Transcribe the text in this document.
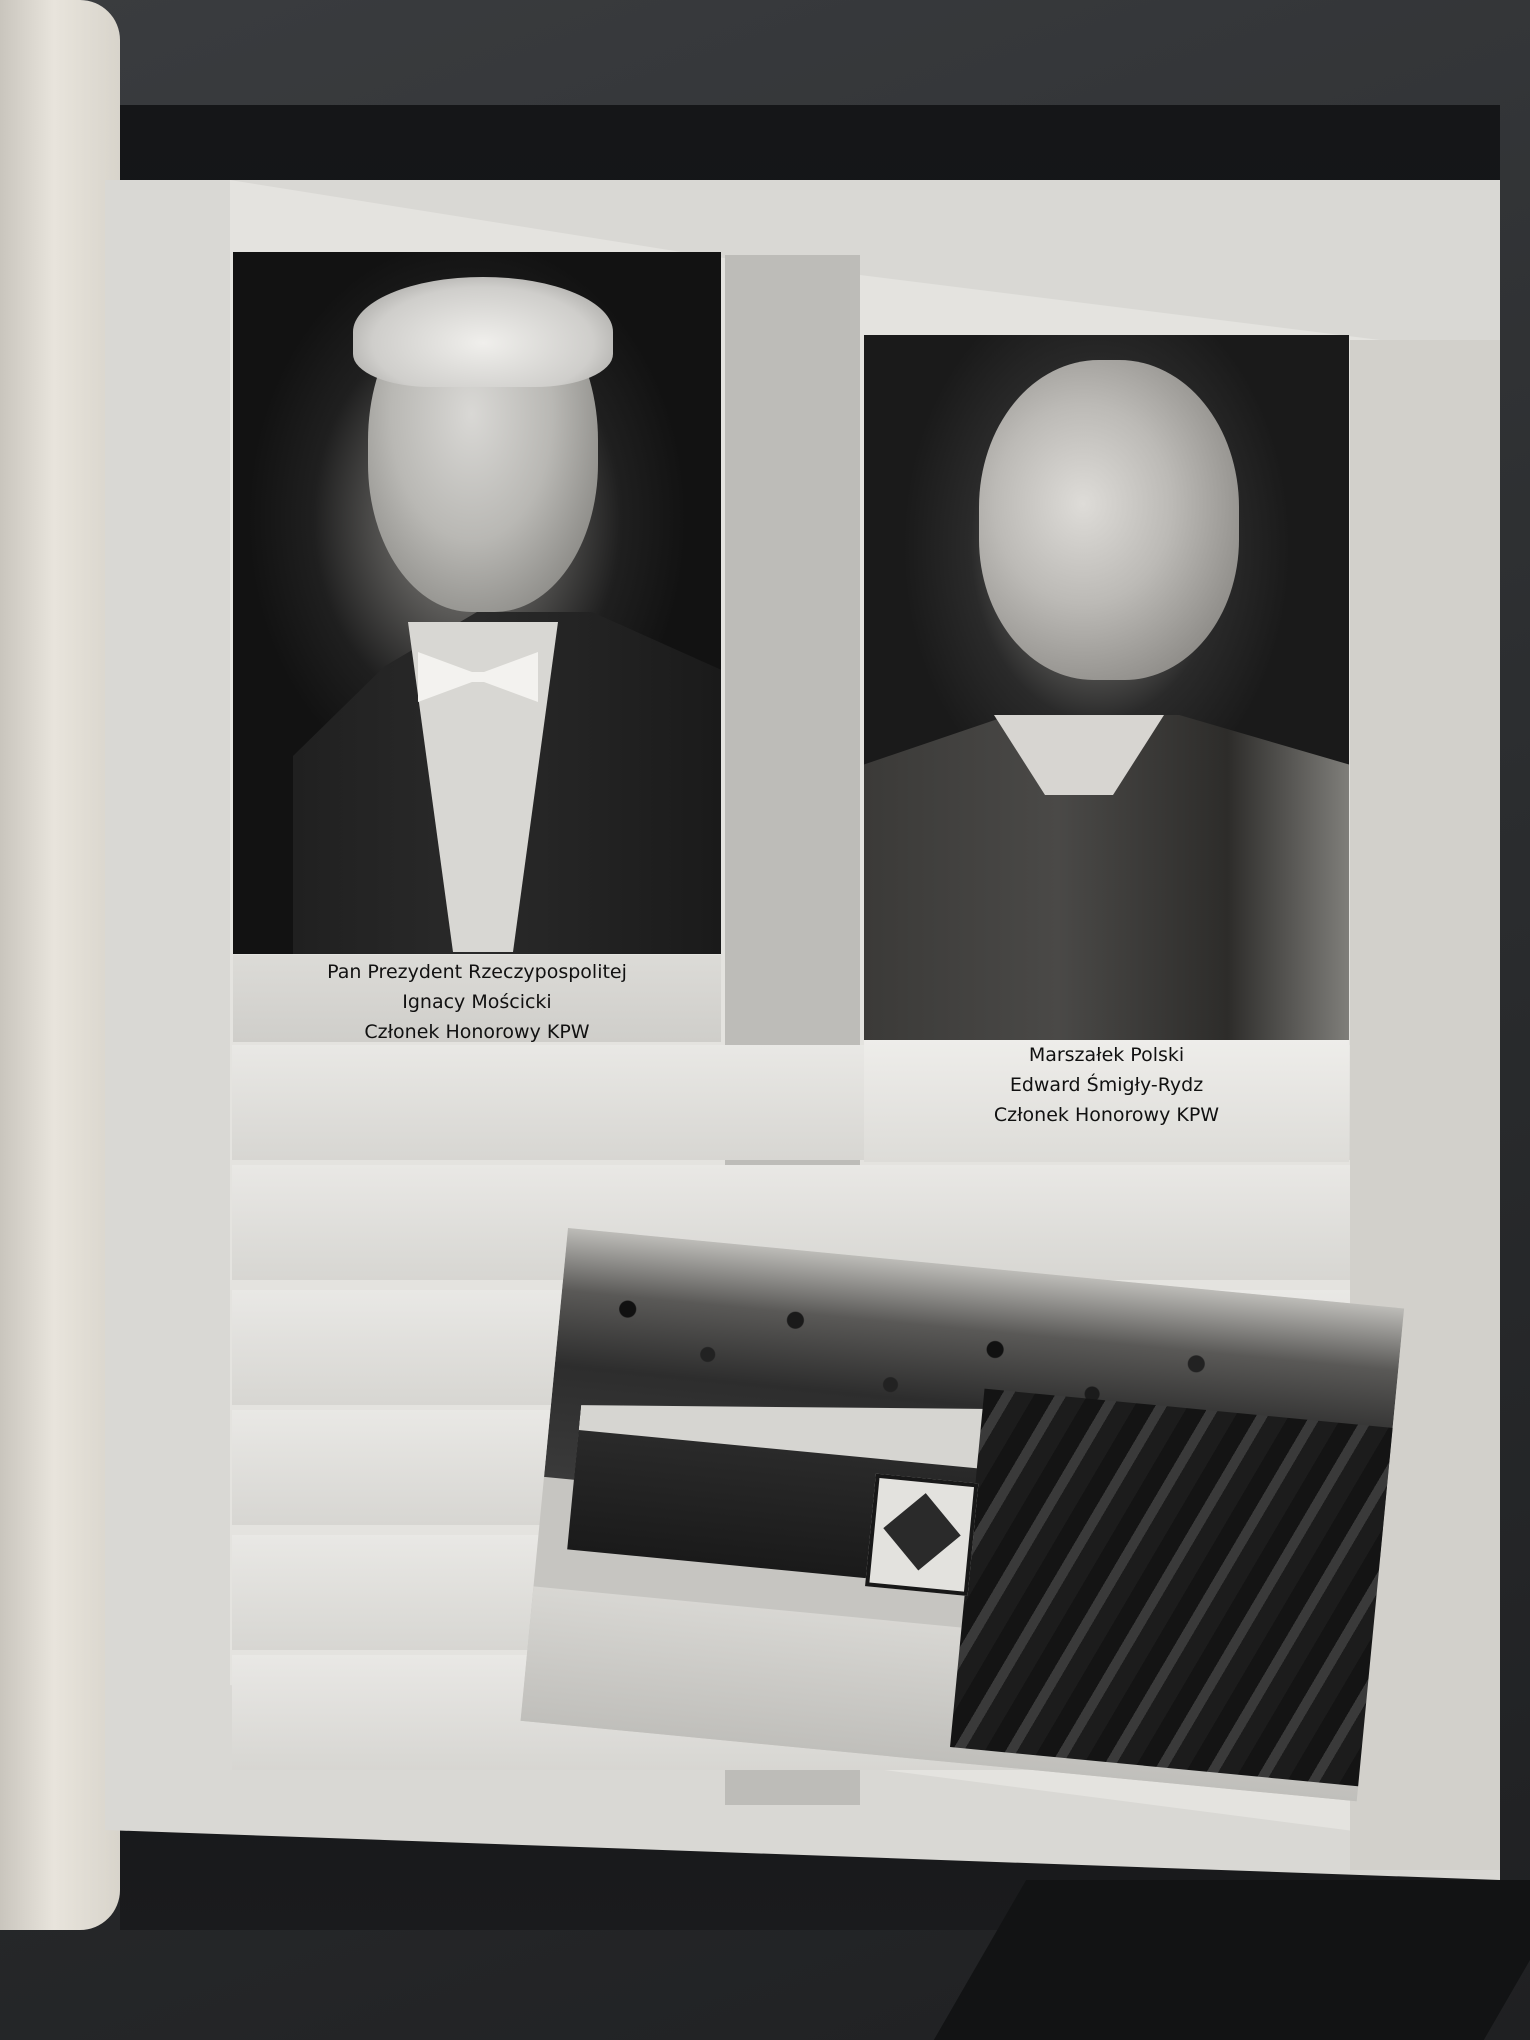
Pan Prezydent Rzeczypospolitej
Ignacy Mościcki
Członek Honorowy KPW
Marszałek Polski
Edward Śmigły-Rydz
Członek Honorowy KPW
